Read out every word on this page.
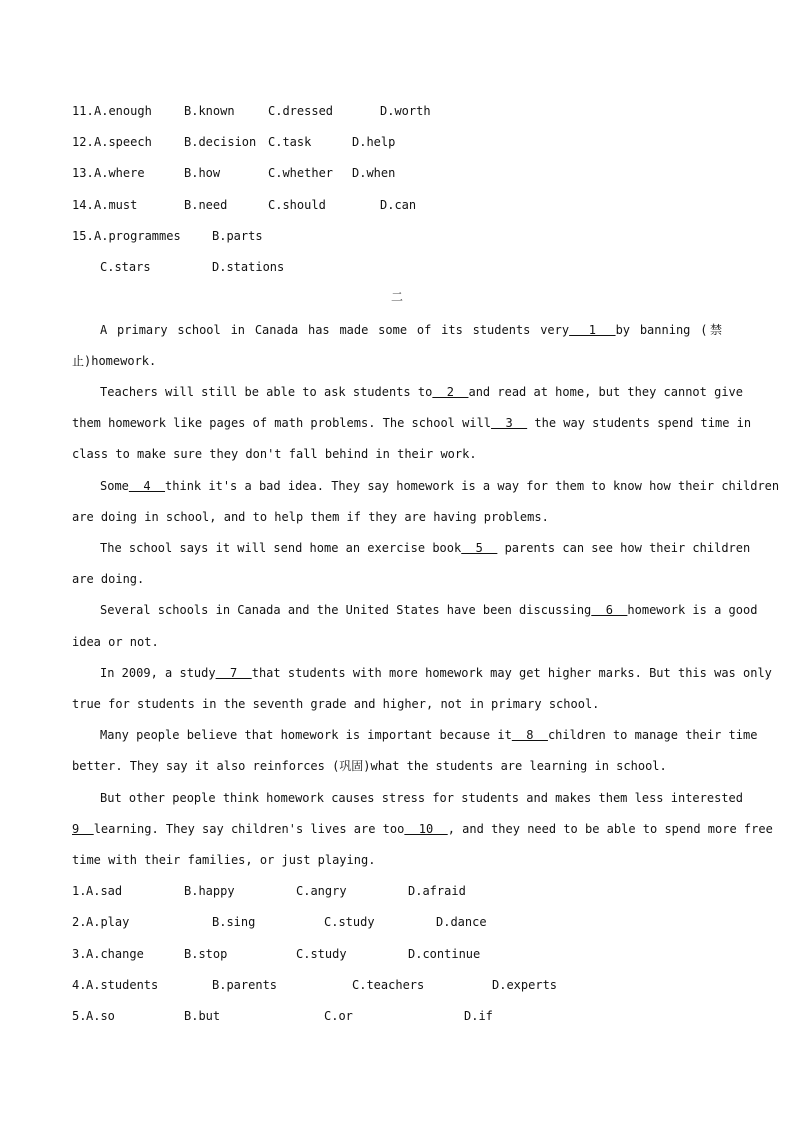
11. A.enough	B.known	C.dressed	D.worth
12. A.speech	B.decision C.task	D.help
13. A.where	B.how	C.whether D.when
14. A.must	B.need	C.should	D.can
15. A.programmes	B.parts
C.stars	D.stations
二
A primary school in Canada has made some of its students very  1  by banning (禁
止)homework.
Teachers will still be able to ask students to  2  and read at home, but they cannot give
them homework like pages of math problems. The school will  3   the way students spend time in
class to make sure they don't fall behind in their work.
Some  4  think it's a bad idea. They say homework is a way for them to know how their children
are doing in school, and to help them if they are having problems.
The school says it will send home an exercise book  5   parents can see how their children
are doing.
Several schools in Canada and the United States have been discussing  6  homework is a good
idea or not.
In 2009, a study  7  that students with more homework may get higher marks. But this was only
true for students in the seventh grade and higher, not in primary school.
Many people believe that homework is important because it  8  children to manage their time
better. They say it also reinforces (巩固)what the students are learning in school.
But other people think homework causes stress for students and makes them less interested
9  learning. They say children's lives are too  10  , and they need to be able to spend more free
time with their families, or just playing.
1. A.sad	B.happy	C.angry	D.afraid
2. A.play	B.sing	C.study	D.dance
3. A.change	B.stop	C.study	D.continue
4. A.students	B.parents	C.teachers	D.experts
5. A.so	B.but	C.or	D.if
